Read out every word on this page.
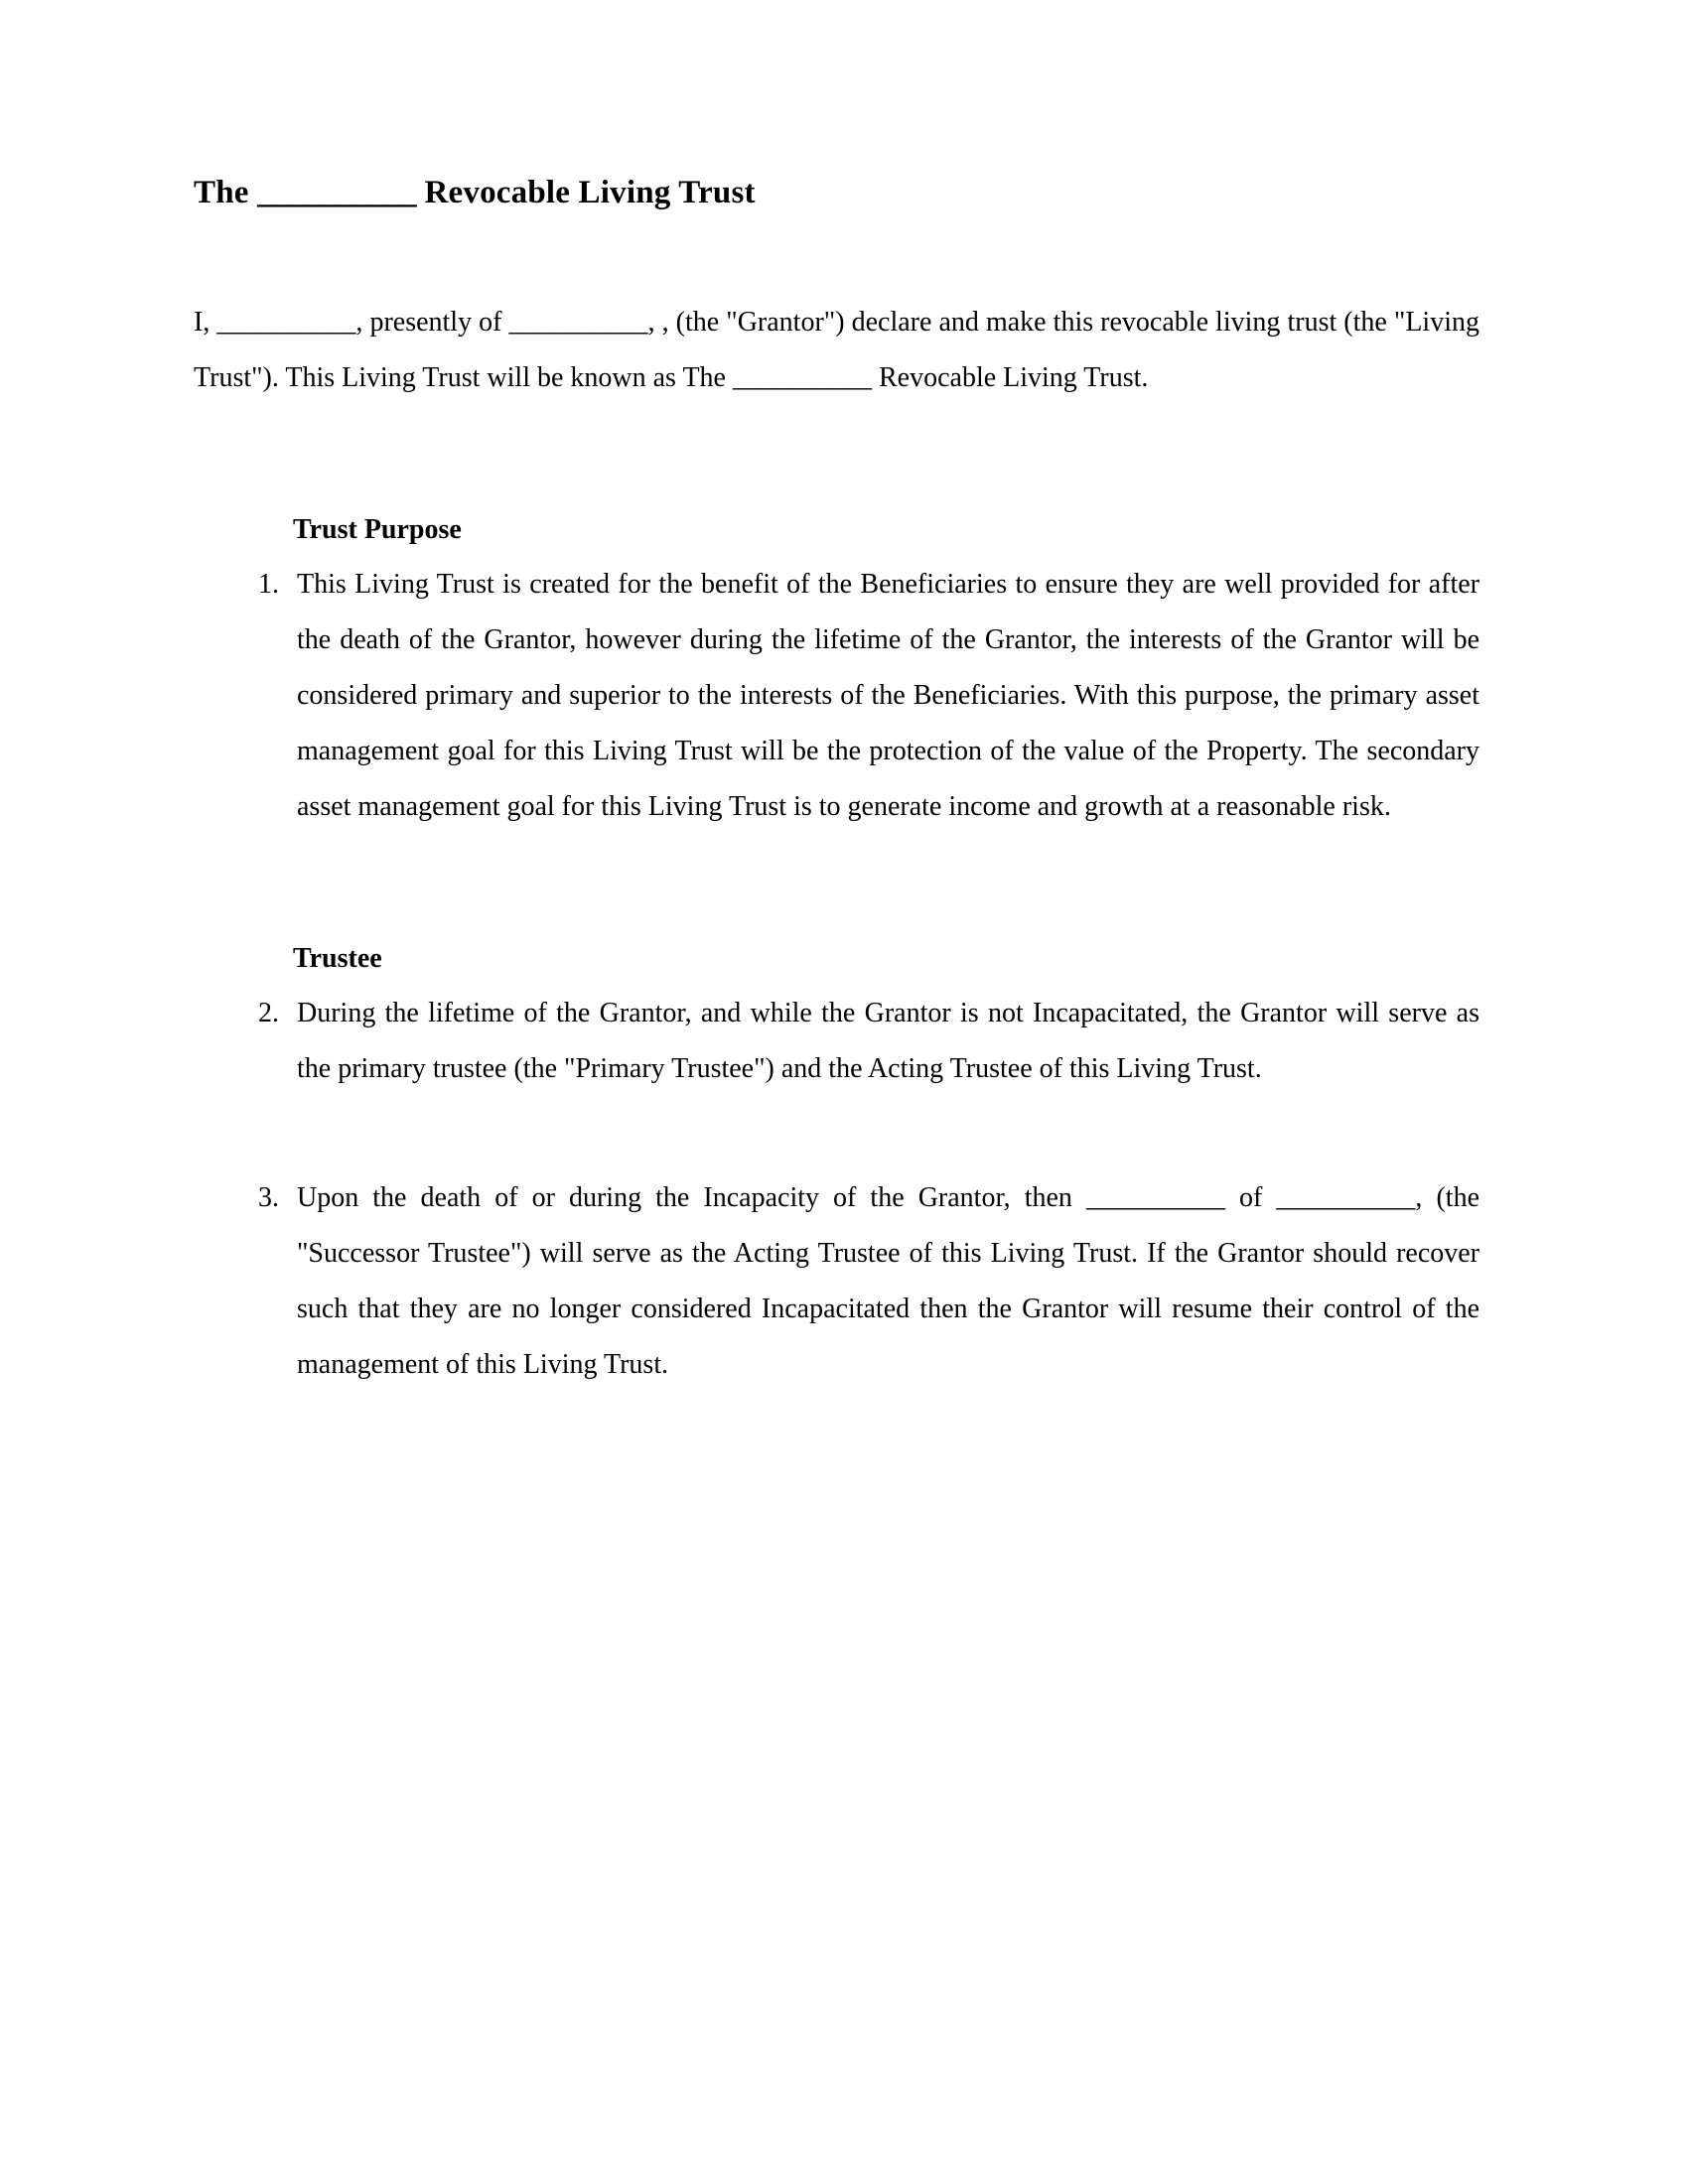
The __________ Revocable Living Trust

I, __________, presently of __________, , (the "Grantor") declare and make this revocable living trust (the "Living Trust"). This Living Trust will be known as The __________ Revocable Living Trust.

Trust Purpose
1. This Living Trust is created for the benefit of the Beneficiaries to ensure they are well provided for after the death of the Grantor, however during the lifetime of the Grantor, the interests of the Grantor will be considered primary and superior to the interests of the Beneficiaries. With this purpose, the primary asset management goal for this Living Trust will be the protection of the value of the Property. The secondary asset management goal for this Living Trust is to generate income and growth at a reasonable risk.
Trustee
2. During the lifetime of the Grantor, and while the Grantor is not Incapacitated, the Grantor will serve as the primary trustee (the "Primary Trustee") and the Acting Trustee of this Living Trust.
3. Upon the death of or during the Incapacity of the Grantor, then __________ of __________, (the "Successor Trustee") will serve as the Acting Trustee of this Living Trust. If the Grantor should recover such that they are no longer considered Incapacitated then the Grantor will resume their control of the management of this Living Trust.
